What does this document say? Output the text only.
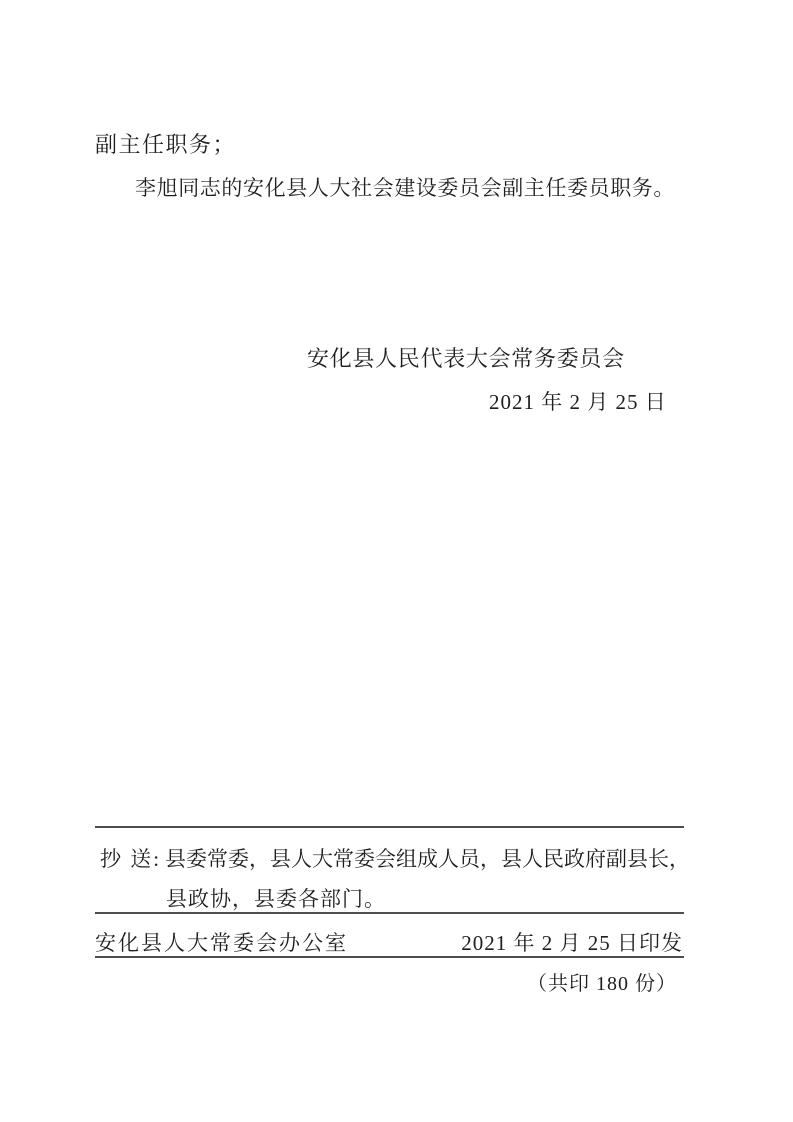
副主任职务；
李旭同志的安化县人大社会建设委员会副主任委员职务。
安化县人民代表大会常务委员会
2021 年 2 月 25 日
抄 送: 县委常委，县人大常委会组成人员，县人民政府副县长，
县政协，县委各部门。
安化县人大常委会办公室	2021 年 2 月 25 日印发
（共印 180 份）
